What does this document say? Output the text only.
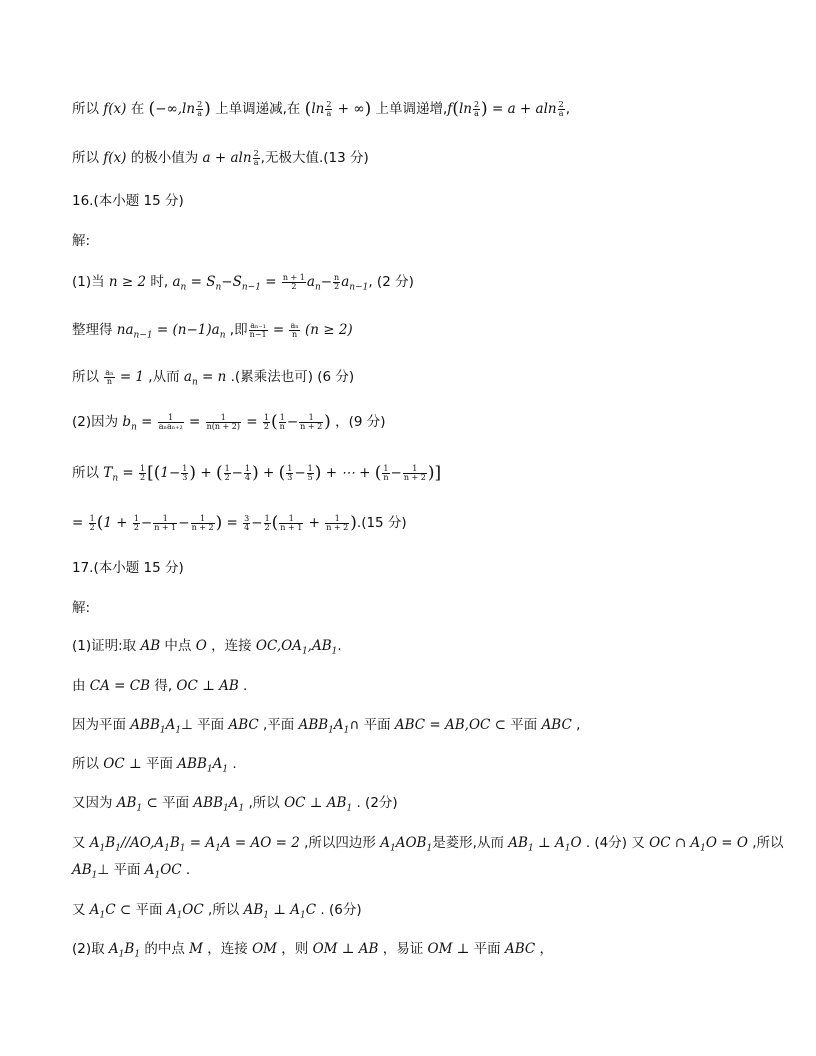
所以 f(x) 在 ($-\infty,\ln \frac{2}{a}$ ) 上单调递减,在 ($\ln \frac{2}{a}$ + ∞) 上单调递增$,f(\ln \frac{2}{a}$ ) = a + aln $\frac{2}{a}$ ,
所以 f(x) 的极小值为 a + aln $\frac{2}{a}$ ,无极大值.(13 分)
16.(本小题 15 分)
解:
(1)当 n ≥ 2 时, $a_n = S_n-S_{n-1} = \frac{n + 1}{2} a_n- \frac{n}{2} a_{n-1}$, (2 分)
整理得 $na_{n-1} = (n-1)a_n$ ,即 $\frac{\text{aₙ₋₁}}{n-1} = \frac{\text{aₙ}}{n} (n \ge 2)$
所以 $\frac{\text{aₙ}}{n} = 1$ ,从而 $a_n = n$ .(累乘法也可) (6 分)
(2)因为 $b_n = \frac{1}{\text{aₙaₙ₊₂}} = \frac{1}{n(n + 2)} = \frac{1}{2}$ ( $\frac{1}{n} - \frac{1}{n + 2}$ ) ，(9 分)
所以 $T_n = \frac{1}{2} [(1- \frac{1}{3}$ ) + ( $\frac{1}{2} - \frac{1}{4}$ ) + ( $\frac{1}{3} - \frac{1}{5}$ ) + ⋯ + ( $\frac{1}{n} - \frac{1}{n + 2}$ )]
= $\frac{1}{2} (1 + \frac{1}{2} - \frac{1}{n + 1} - \frac{1}{n + 2}$ ) = $\frac{3}{4} - \frac{1}{2}$ ( $\frac{1}{n + 1} + \frac{1}{n + 2} ).(15$ 分)
17.(本小题 15 分)
解:
(1)证明:取 AB 中点 O ，连接 $OC,OA_1,AB_1$.
由 CA = CB 得, OC ⊥ AB .
因为平面 $ABB_1A_1\perp$ 平面 ABC ,平面 $ABB_1A_1\cap$ 平面 ABC = AB,OC ⊂ 平面 ABC ,
所以 OC ⊥ 平面 $ABB_1A_1$ .
又因为 $AB_1$ ⊂ 平面 $ABB_1A_1$ ,所以 OC ⊥ $AB_1$ . (2分)
又 $A_1B_1//AO,A_1B_1 = A_1A$ = AO = 2 ,所以四边形 $A_1AOB_1$是菱形,从而 $AB_1$ ⊥ $A_1O$ . (4分) 又 OC ∩ $A_1O = O$ ,所以
$AB_1\perp$ 平面 $A_1OC$ .
又 $A_1C$ ⊂ 平面 $A_1OC$ ,所以 $AB_1$ ⊥ $A_1C$ . (6分)
(2)取 $A_1B_1$ 的中点 M ，连接 OM ，则 OM ⊥ AB ，易证 OM ⊥ 平面 ABC ，
